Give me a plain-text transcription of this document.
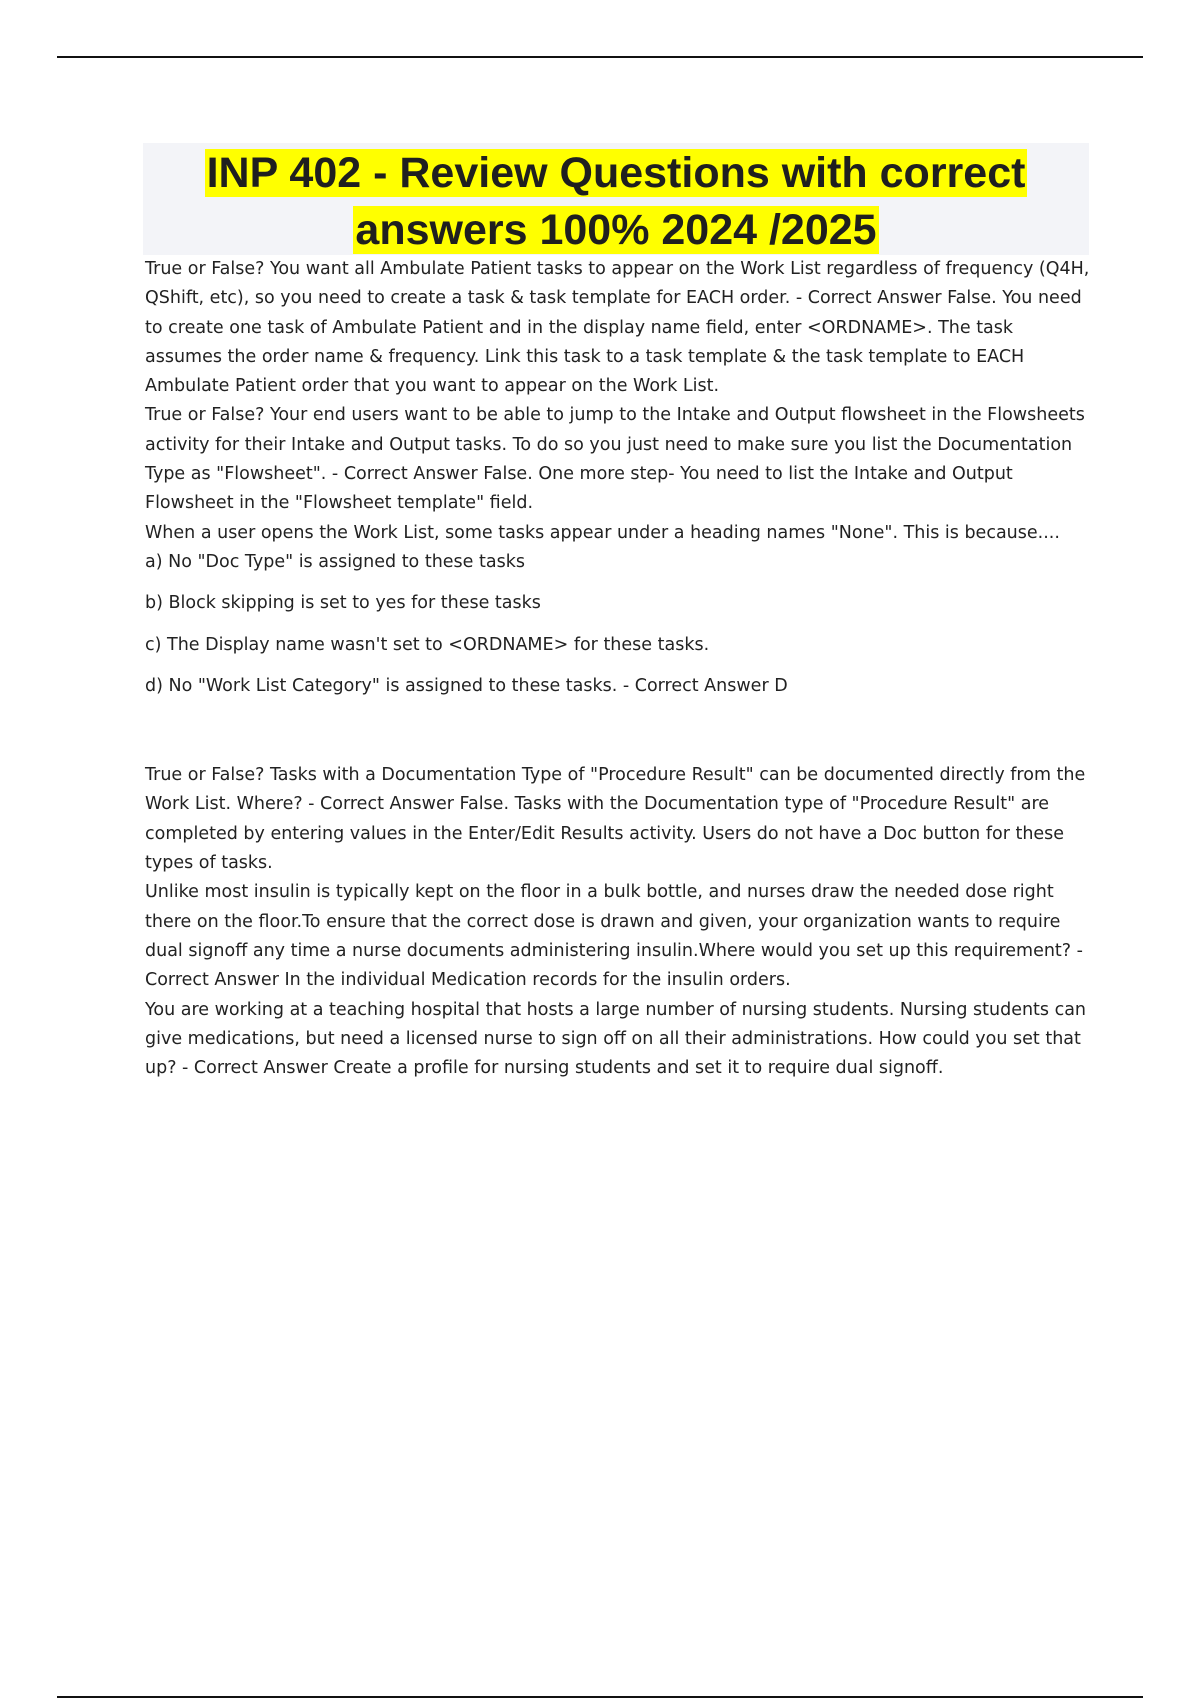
INP 402 - Review Questions with correct
answers 100% 2024 /2025

True or False? You want all Ambulate Patient tasks to appear on the Work List regardless of frequency (Q4H, QShift, etc), so you need to create a task & task template for EACH order. - Correct Answer False. You need to create one task of Ambulate Patient and in the display name field, enter <ORDNAME>. The task assumes the order name & frequency. Link this task to a task template & the task template to EACH Ambulate Patient order that you want to appear on the Work List.

True or False? Your end users want to be able to jump to the Intake and Output flowsheet in the Flowsheets activity for their Intake and Output tasks. To do so you just need to make sure you list the Documentation Type as "Flowsheet". - Correct Answer False. One more step- You need to list the Intake and Output Flowsheet in the "Flowsheet template" field.

When a user opens the Work List, some tasks appear under a heading names "None". This is because....

a) No "Doc Type" is assigned to these tasks

b) Block skipping is set to yes for these tasks

c) The Display name wasn't set to <ORDNAME> for these tasks.

d) No "Work List Category" is assigned to these tasks. - Correct Answer D

True or False? Tasks with a Documentation Type of "Procedure Result" can be documented directly from the Work List. Where? - Correct Answer False. Tasks with the Documentation type of "Procedure Result" are completed by entering values in the Enter/Edit Results activity. Users do not have a Doc button for these types of tasks.

Unlike most insulin is typically kept on the floor in a bulk bottle, and nurses draw the needed dose right there on the floor.To ensure that the correct dose is drawn and given, your organization wants to require dual signoff any time a nurse documents administering insulin.Where would you set up this requirement? - Correct Answer In the individual Medication records for the insulin orders.

You are working at a teaching hospital that hosts a large number of nursing students. Nursing students can give medications, but need a licensed nurse to sign off on all their administrations. How could you set that up? - Correct Answer Create a profile for nursing students and set it to require dual signoff.
